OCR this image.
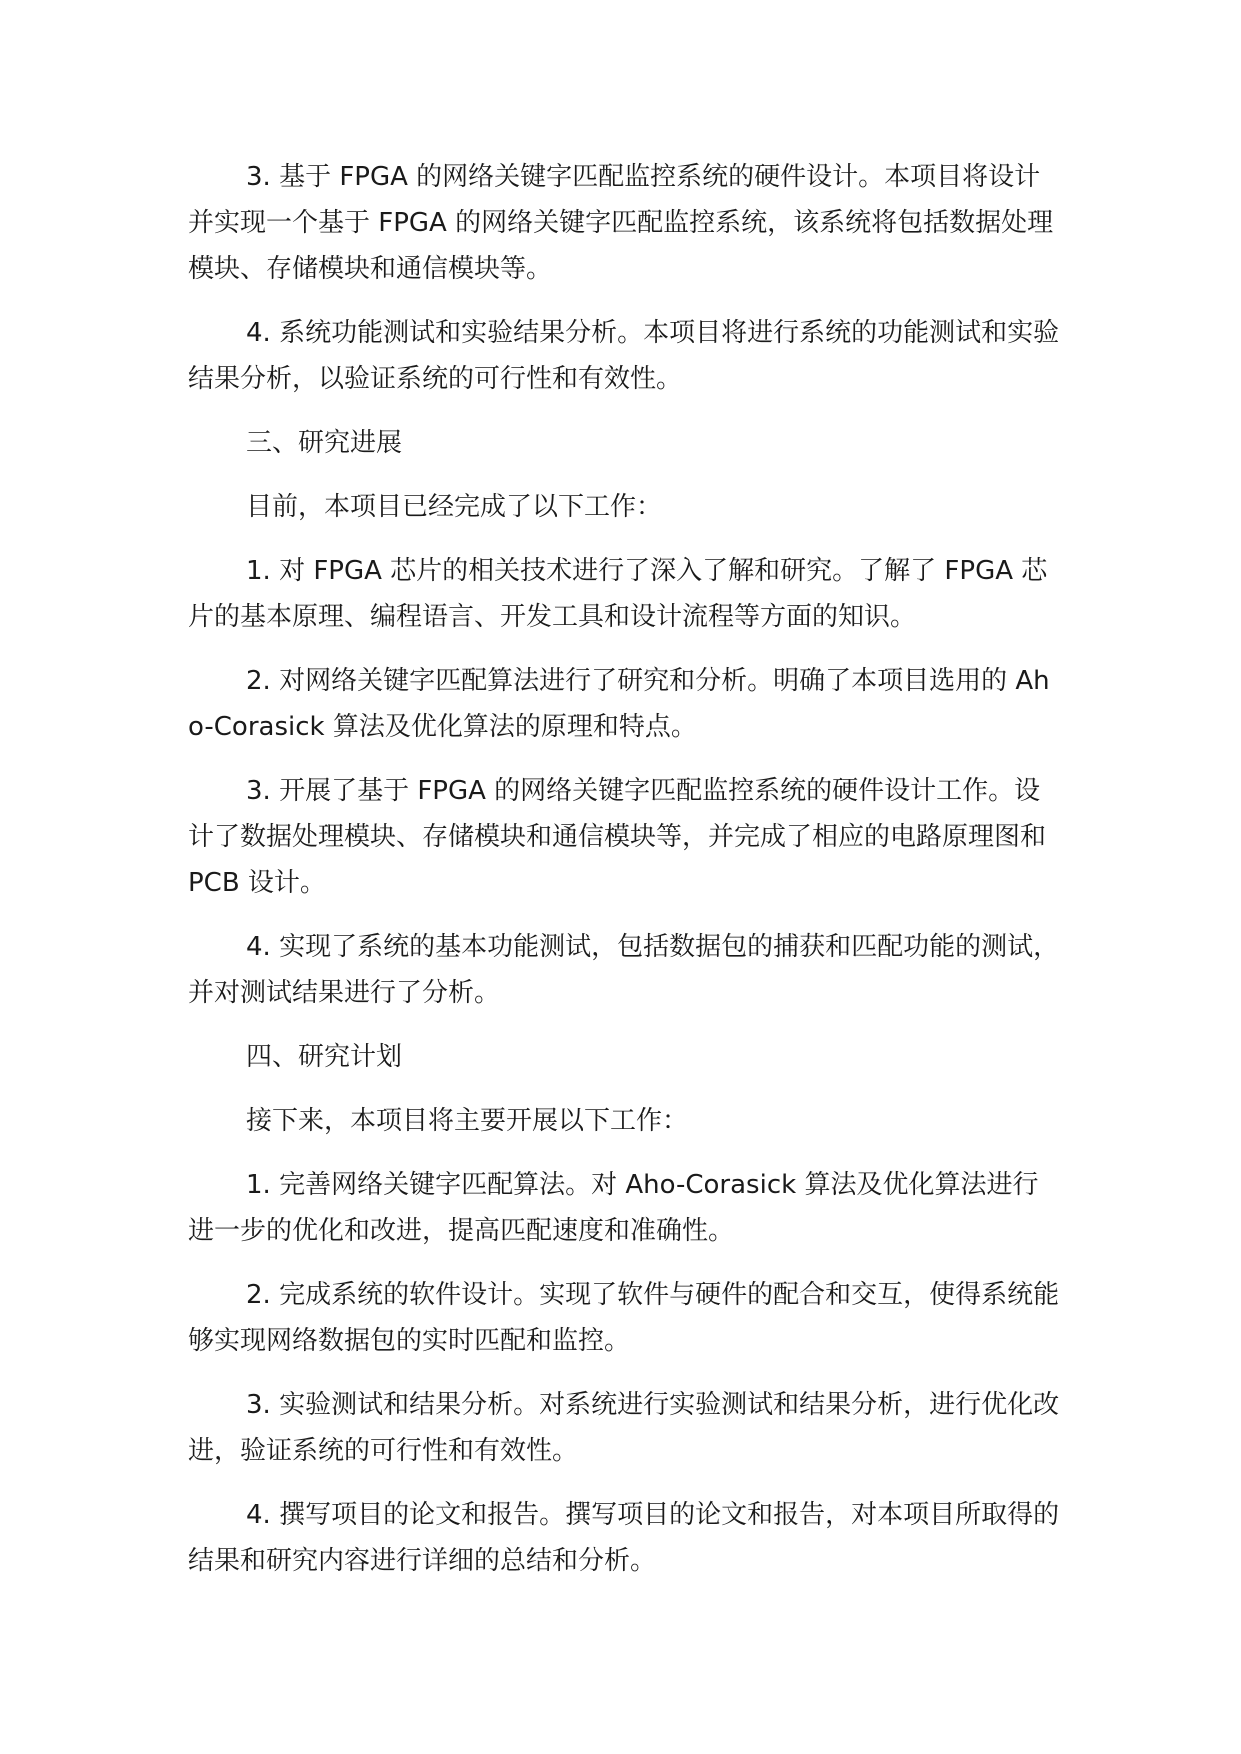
3. 基于 FPGA 的网络关键字匹配监控系统的硬件设计。本项目将设计并实现一个基于 FPGA 的网络关键字匹配监控系统，该系统将包括数据处理模块、存储模块和通信模块等。

4. 系统功能测试和实验结果分析。本项目将进行系统的功能测试和实验结果分析，以验证系统的可行性和有效性。

三、研究进展

目前，本项目已经完成了以下工作：

1. 对 FPGA 芯片的相关技术进行了深入了解和研究。了解了 FPGA 芯片的基本原理、编程语言、开发工具和设计流程等方面的知识。

2. 对网络关键字匹配算法进行了研究和分析。明确了本项目选用的 Aho-Corasick 算法及优化算法的原理和特点。

3. 开展了基于 FPGA 的网络关键字匹配监控系统的硬件设计工作。设计了数据处理模块、存储模块和通信模块等，并完成了相应的电路原理图和 PCB 设计。

4. 实现了系统的基本功能测试，包括数据包的捕获和匹配功能的测试，并对测试结果进行了分析。

四、研究计划

接下来，本项目将主要开展以下工作：

1. 完善网络关键字匹配算法。对 Aho-Corasick 算法及优化算法进行进一步的优化和改进，提高匹配速度和准确性。

2. 完成系统的软件设计。实现了软件与硬件的配合和交互，使得系统能够实现网络数据包的实时匹配和监控。

3. 实验测试和结果分析。对系统进行实验测试和结果分析，进行优化改进，验证系统的可行性和有效性。

4. 撰写项目的论文和报告。撰写项目的论文和报告，对本项目所取得的结果和研究内容进行详细的总结和分析。
